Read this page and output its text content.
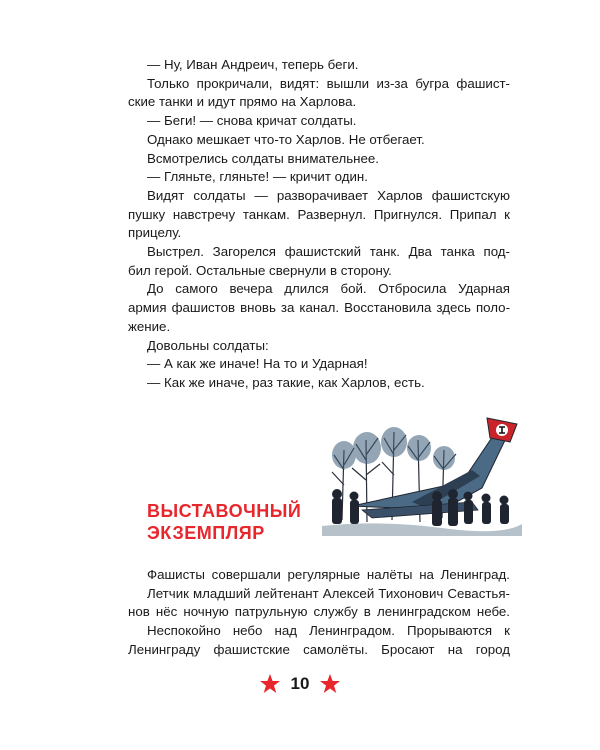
— Ну, Иван Андреич, теперь беги.
Только прокричали, видят: вышли из-за бугра фашист-
ские танки и идут прямо на Харлова.
— Беги! — снова кричат солдаты.
Однако мешкает что-то Харлов. Не отбегает.
Всмотрелись солдаты внимательнее.
— Гляньте, гляньте! — кричит один.
Видят солдаты — разворачивает Харлов фашистскую
пушку навстречу танкам. Развернул. Пригнулся. Припал к
прицелу.
Выстрел. Загорелся фашистский танк. Два танка под-
бил герой. Остальные свернули в сторону.
До самого вечера длился бой. Отбросила Ударная
армия фашистов вновь за канал. Восстановила здесь поло-
жение.
Довольны солдаты:
— А как же иначе! На то и Ударная!
— Как же иначе, раз такие, как Харлов, есть.
ВЫСТАВОЧНЫЙ
ЭКЗЕМПЛЯР
Фашисты совершали регулярные налёты на Ленинград.
Летчик младший лейтенант Алексей Тихонович Севастья-
нов нёс ночную патрульную службу в ленинградском небе.
Неспокойно небо над Ленинградом. Прорываются к
Ленинграду фашистские самолёты. Бросают на город
10
